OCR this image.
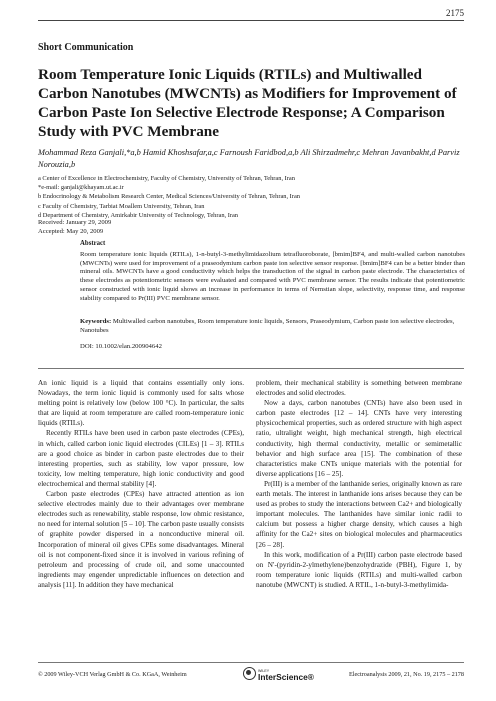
2175
Short Communication
Room Temperature Ionic Liquids (RTILs) and Multiwalled Carbon Nanotubes (MWCNTs) as Modifiers for Improvement of Carbon Paste Ion Selective Electrode Response; A Comparison Study with PVC Membrane
Mohammad Reza Ganjali,*a,b Hamid Khoshsafar,a,c Farnoush Faridbod,a,b Ali Shirzadmehr,c Mehran Javanbakht,d Parviz Norouzia,b
a Center of Excellence in Electrochemistry, Faculty of Chemistry, University of Tehran, Tehran, Iran
*e-mail: ganjali@khayam.ut.ac.ir
b Endocrinology & Metabolism Research Center, Medical Sciences/University of Tehran, Tehran, Iran
c Faculty of Chemistry, Tarbiat Moallem University, Tehran, Iran
d Department of Chemistry, Amirkabir University of Technology, Tehran, Iran
Received: January 29, 2009
Accepted: May 20, 2009
Abstract

Room temperature ionic liquids (RTILs), 1-n-butyl-3-methylimidazolium tetrafluoroborate, [bmim]BF4, and multi-walled carbon nanotubes (MWCNTs) were used for improvement of a praseodymium carbon paste ion selective sensor response. [bmim]BF4 can be a better binder than mineral oils. MWCNTs have a good conductivity which helps the transduction of the signal in carbon paste electrode. The characteristics of these electrodes as potentiometric sensors were evaluated and compared with PVC membrane sensor. The results indicate that potentiometric sensor constructed with ionic liquid shows an increase in performance in terms of Nernstian slope, selectivity, response time, and response stability compared to Pr(III) PVC membrane sensor.

Keywords: Multiwalled carbon nanotubes, Room temperature ionic liquids, Sensors, Praseodymium, Carbon paste ion selective electrodes, Nanotubes
DOI: 10.1002/elan.200904642

An ionic liquid is a liquid that contains essentially only ions. Nowadays, the term ionic liquid is commonly used for salts whose melting point is relatively low (below 100 °C). In particular, the salts that are liquid at room temperature are called room-temperature ionic liquids (RTILs).

Recently RTILs have been used in carbon paste electrodes (CPEs), in which, called carbon ionic liquid electrodes (CILEs) [1 – 3]. RTILs are a good choice as binder in carbon paste electrodes due to their interesting properties, such as stability, low vapor pressure, low toxicity, low melting temperature, high ionic conductivity and good electrochemical and thermal stability [4].

Carbon paste electrodes (CPEs) have attracted attention as ion selective electrodes mainly due to their advantages over membrane electrodes such as renewability, stable response, low ohmic resistance, no need for internal solution [5 – 10]. The carbon paste usually consists of graphite powder dispersed in a nonconductive mineral oil. Incorporation of mineral oil gives CPEs some disadvantages. Mineral oil is not component-fixed since it is involved in various refining of petroleum and processing of crude oil, and some unaccounted ingredients may engender unpredictable influences on detection and analysis [11]. In addition they have mechanical

problem, their mechanical stability is something between membrane electrodes and solid electrodes.

Now a days, carbon nanotubes (CNTs) have also been used in carbon paste electrodes [12 – 14]. CNTs have very interesting physicochemical properties, such as ordered structure with high aspect ratio, ultralight weight, high mechanical strength, high electrical conductivity, high thermal conductivity, metallic or semimetallic behavior and high surface area [15]. The combination of these characteristics make CNTs unique materials with the potential for diverse applications [16 – 25].

Pr(III) is a member of the lanthanide series, originally known as rare earth metals. The interest in lanthanide ions arises because they can be used as probes to study the interactions between Ca2+ and biologically important molecules. The lanthanides have similar ionic radii to calcium but possess a higher charge density, which causes a high affinity for the Ca2+ sites on biological molecules and pharmaceutics [26 – 28].

In this work, modification of a Pr(III) carbon paste electrode based on N′-(pyridin-2-ylmethylene)benzohydrazide (PBH), Figure 1, by room temperature ionic liquids (RTILs) and multi-walled carbon nanotube (MWCNT) is studied. A RTIL, 1-n-butyl-3-methylimida-

© 2009 Wiley-VCH Verlag GmbH & Co. KGaA, Weinheim
WILEY
InterScience®	Electroanalysis 2009, 21, No. 19, 2175 – 2178
